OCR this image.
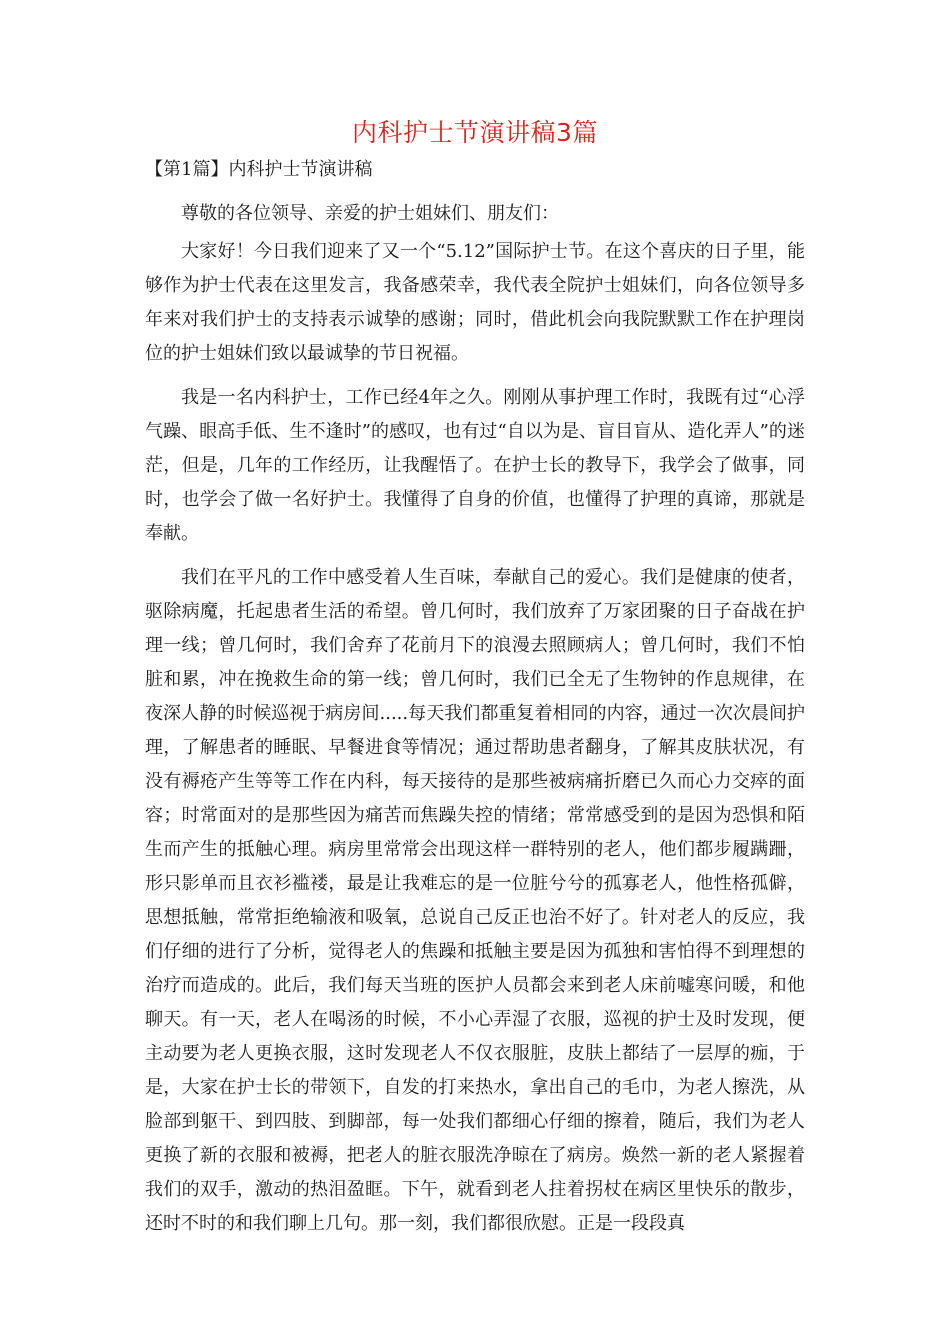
内科护士节演讲稿3篇

【第1篇】内科护士节演讲稿

尊敬的各位领导、亲爱的护士姐妹们、朋友们：

大家好！今日我们迎来了又一个“5.12”国际护士节。在这个喜庆的日子里，能够作为护士代表在这里发言，我备感荣幸，我代表全院护士姐妹们，向各位领导多年来对我们护士的支持表示诚挚的感谢；同时，借此机会向我院默默工作在护理岗位的护士姐妹们致以最诚挚的节日祝福。

我是一名内科护士，工作已经4年之久。刚刚从事护理工作时，我既有过“心浮气躁、眼高手低、生不逢时”的感叹，也有过“自以为是、盲目盲从、造化弄人”的迷茫，但是，几年的工作经历，让我醒悟了。在护士长的教导下，我学会了做事，同时，也学会了做一名好护士。我懂得了自身的价值，也懂得了护理的真谛，那就是奉献。

我们在平凡的工作中感受着人生百味，奉献自己的爱心。我们是健康的使者，驱除病魔，托起患者生活的希望。曾几何时，我们放弃了万家团聚的日子奋战在护理一线；曾几何时，我们舍弃了花前月下的浪漫去照顾病人；曾几何时，我们不怕脏和累，冲在挽救生命的第一线；曾几何时，我们已全无了生物钟的作息规律，在夜深人静的时候巡视于病房间.....每天我们都重复着相同的内容，通过一次次晨间护理，了解患者的睡眠、早餐进食等情况；通过帮助患者翻身，了解其皮肤状况，有没有褥疮产生等等工作在内科，每天接待的是那些被病痛折磨已久而心力交瘁的面容；时常面对的是那些因为痛苦而焦躁失控的情绪；常常感受到的是因为恐惧和陌生而产生的抵触心理。病房里常常会出现这样一群特别的老人，他们都步履蹒跚，形只影单而且衣衫褴褛，最是让我难忘的是一位脏兮兮的孤寡老人，他性格孤僻，思想抵触，常常拒绝输液和吸氧，总说自己反正也治不好了。针对老人的反应，我们仔细的进行了分析，觉得老人的焦躁和抵触主要是因为孤独和害怕得不到理想的治疗而造成的。此后，我们每天当班的医护人员都会来到老人床前嘘寒问暖，和他聊天。有一天，老人在喝汤的时候，不小心弄湿了衣服，巡视的护士及时发现，便主动要为老人更换衣服，这时发现老人不仅衣服脏，皮肤上都结了一层厚的痂，于是，大家在护士长的带领下，自发的打来热水，拿出自己的毛巾，为老人擦洗，从脸部到躯干、到四肢、到脚部，每一处我们都细心仔细的擦着，随后，我们为老人更换了新的衣服和被褥，把老人的脏衣服洗净晾在了病房。焕然一新的老人紧握着我们的双手，激动的热泪盈眶。下午，就看到老人拄着拐杖在病区里快乐的散步，还时不时的和我们聊上几句。那一刻，我们都很欣慰。正是一段段真
